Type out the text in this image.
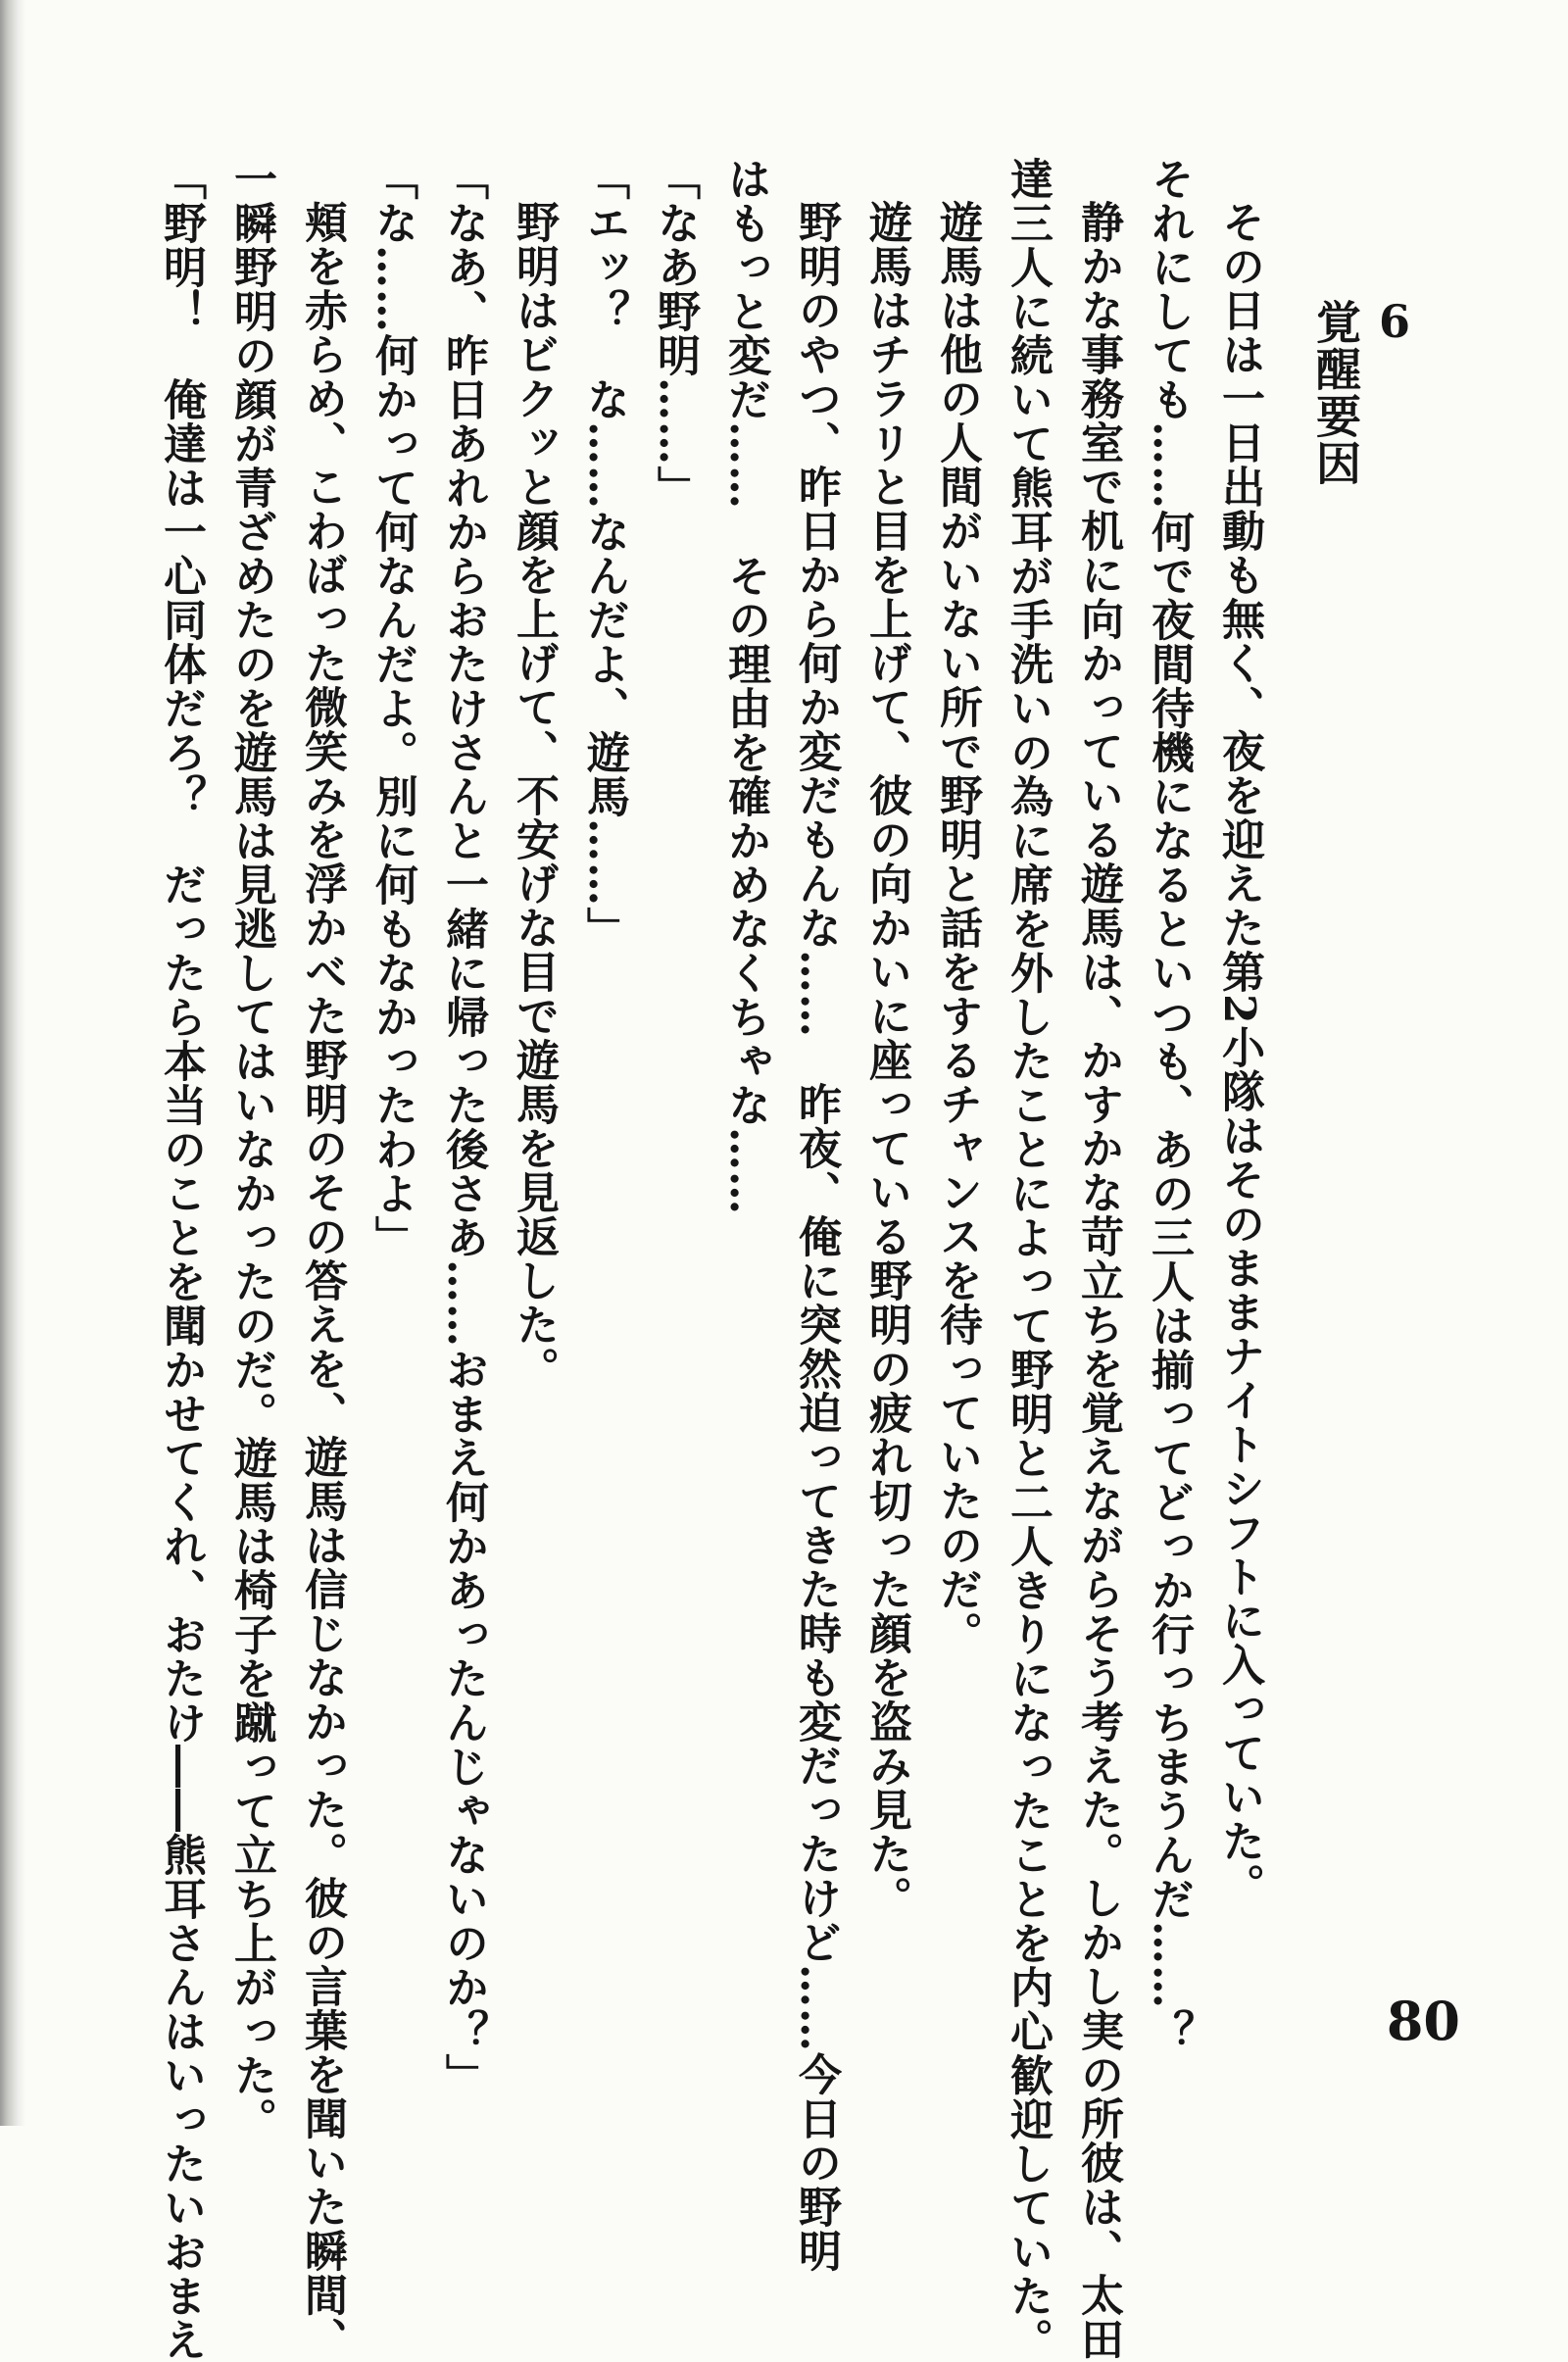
6
覚醒要因
その日は一日出動も無く、夜を迎えた第2小隊はそのままナイトシフトに入っていた。
それにしても……何で夜間待機になるといつも、あの三人は揃ってどっか行っちまうんだ……？
静かな事務室で机に向かっている遊馬は、かすかな苛立ちを覚えながらそう考えた。しかし実の所彼は、太田
達三人に続いて熊耳が手洗いの為に席を外したことによって野明と二人きりになったことを内心歓迎していた。
遊馬は他の人間がいない所で野明と話をするチャンスを待っていたのだ。
遊馬はチラリと目を上げて、彼の向かいに座っている野明の疲れ切った顔を盗み見た。
野明のやつ、昨日から何か変だもんな……　昨夜、俺に突然迫ってきた時も変だったけど……今日の野明
はもっと変だ……　その理由を確かめなくちゃな……
「なあ野明……」
「エッ？　な……なんだよ、遊馬……」
野明はビクッと顔を上げて、不安げな目で遊馬を見返した。
「なあ、昨日あれからおたけさんと一緒に帰った後さあ……おまえ何かあったんじゃないのか？」
「な……何かって何なんだよ。別に何もなかったわよ」
頬を赤らめ、こわばった微笑みを浮かべた野明のその答えを、遊馬は信じなかった。彼の言葉を聞いた瞬間、
一瞬野明の顔が青ざめたのを遊馬は見逃してはいなかったのだ。遊馬は椅子を蹴って立ち上がった。
「野明！　俺達は一心同体だろ？　だったら本当のことを聞かせてくれ、おたけ――熊耳さんはいったいおまえ	80
